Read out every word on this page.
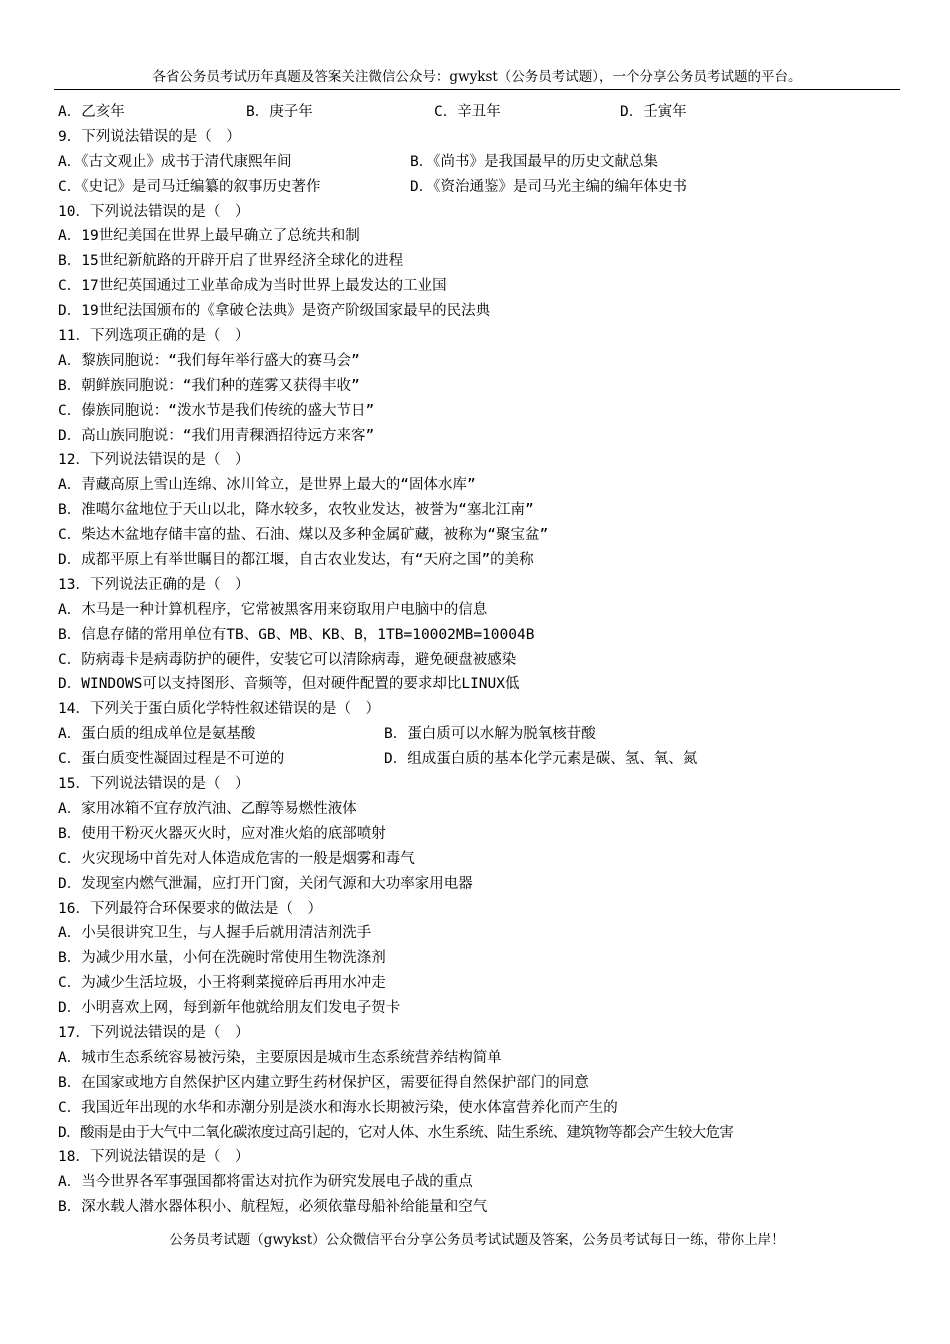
各省公务员考试历年真题及答案关注微信公众号：gwykst（公务员考试题），一个分享公务员考试题的平台。
A．乙亥年	B．庚子年	C．辛丑年	D．壬寅年
9．下列说法错误的是（　）
A．《古文观止》成书于清代康熙年间	B．《尚书》是我国最早的历史文献总集
C．《史记》是司马迁编纂的叙事历史著作	D．《资治通鉴》是司马光主编的编年体史书
10．下列说法错误的是（　）
A．19世纪美国在世界上最早确立了总统共和制
B．15世纪新航路的开辟开启了世界经济全球化的进程
C．17世纪英国通过工业革命成为当时世界上最发达的工业国
D．19世纪法国颁布的《拿破仑法典》是资产阶级国家最早的民法典
11．下列选项正确的是（　）
A．黎族同胞说：“我们每年举行盛大的赛马会”
B．朝鲜族同胞说：“我们种的莲雾又获得丰收”
C．傣族同胞说：“泼水节是我们传统的盛大节日”
D．高山族同胞说：“我们用青稞酒招待远方来客”
12．下列说法错误的是（　）
A．青藏高原上雪山连绵、冰川耸立，是世界上最大的“固体水库”
B．准噶尔盆地位于天山以北，降水较多，农牧业发达，被誉为“塞北江南”
C．柴达木盆地存储丰富的盐、石油、煤以及多种金属矿藏，被称为“聚宝盆”
D．成都平原上有举世瞩目的都江堰，自古农业发达，有“天府之国”的美称
13．下列说法正确的是（　）
A．木马是一种计算机程序，它常被黑客用来窃取用户电脑中的信息
B．信息存储的常用单位有TB、GB、MB、KB、B，1TB=10002MB=10004B
C．防病毒卡是病毒防护的硬件，安装它可以清除病毒，避免硬盘被感染
D．WINDOWS可以支持图形、音频等，但对硬件配置的要求却比LINUX低
14．下列关于蛋白质化学特性叙述错误的是（　）
A．蛋白质的组成单位是氨基酸	B．蛋白质可以水解为脱氧核苷酸
C．蛋白质变性凝固过程是不可逆的	D．组成蛋白质的基本化学元素是碳、氢、氧、氮
15．下列说法错误的是（　）
A．家用冰箱不宜存放汽油、乙醇等易燃性液体
B．使用干粉灭火器灭火时，应对准火焰的底部喷射
C．火灾现场中首先对人体造成危害的一般是烟雾和毒气
D．发现室内燃气泄漏，应打开门窗，关闭气源和大功率家用电器
16．下列最符合环保要求的做法是（　）
A．小吴很讲究卫生，与人握手后就用清洁剂洗手
B．为减少用水量，小何在洗碗时常使用生物洗涤剂
C．为减少生活垃圾，小王将剩菜搅碎后再用水冲走
D．小明喜欢上网，每到新年他就给朋友们发电子贺卡
17．下列说法错误的是（　）
A．城市生态系统容易被污染，主要原因是城市生态系统营养结构简单
B．在国家或地方自然保护区内建立野生药材保护区，需要征得自然保护部门的同意
C．我国近年出现的水华和赤潮分别是淡水和海水长期被污染，使水体富营养化而产生的
D．酸雨是由于大气中二氧化碳浓度过高引起的，它对人体、水生系统、陆生系统、建筑物等都会产生较大危害
18．下列说法错误的是（　）
A．当今世界各军事强国都将雷达对抗作为研究发展电子战的重点
B．深水载人潜水器体积小、航程短，必须依靠母船补给能量和空气
公务员考试题（gwykst）公众微信平台分享公务员考试试题及答案，公务员考试每日一练，带你上岸！
